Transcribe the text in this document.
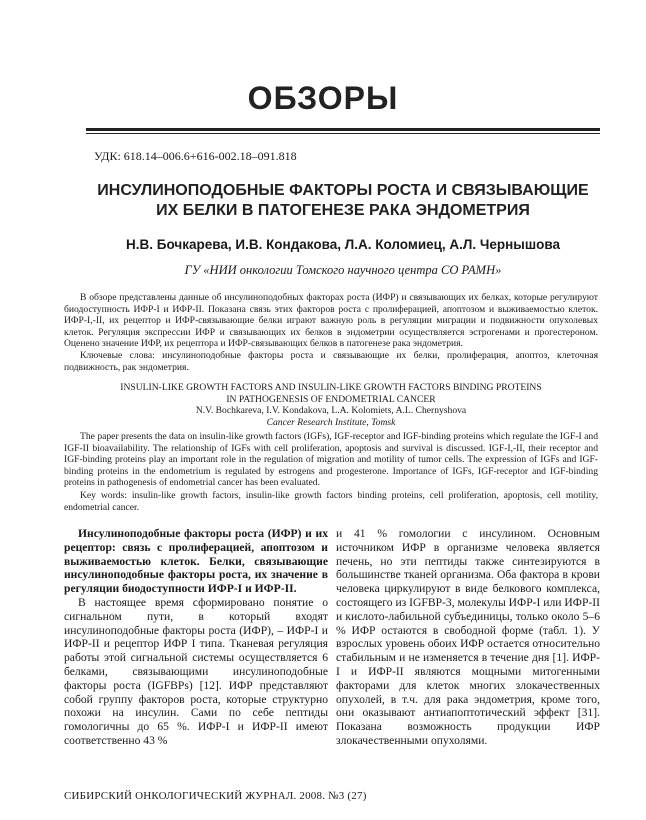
ОБЗОРЫ
УДК: 618.14–006.6+616-002.18–091.818
ИНСУЛИНОПОДОБНЫЕ ФАКТОРЫ РОСТА И СВЯЗЫВАЮЩИЕ
ИХ БЕЛКИ В ПАТОГЕНЕЗЕ РАКА ЭНДОМЕТРИЯ
Н.В. Бочкарева, И.В. Кондакова, Л.А. Коломиец, А.Л. Чернышова
ГУ «НИИ онкологии Томского научного центра СО РАМН»

В обзоре представлены данные об инсулиноподобных факторах роста (ИФР) и связывающих их белках, которые регулируют биодоступность ИФР-I и ИФР-II. Показана связь этих факторов роста с пролиферацией, апоптозом и выживаемостью клеток. ИФР-I,-II, их рецептор и ИФР-связывающие белки играют важную роль в регуляции миграции и подвижности опухолевых клеток. Регуляция экспрессии ИФР и связывающих их белков в эндометрии осуществляется эстрогенами и прогестероном. Оценено значение ИФР, их рецептора и ИФР-связывающих белков в патогенезе рака эндометрия.

Ключевые слова: инсулиноподобные факторы роста и связывающие их белки, пролиферация, апоптоз, клеточная подвижность, рак эндометрия.

INSULIN-LIKE GROWTH FACTORS AND INSULIN-LIKE GROWTH FACTORS BINDING PROTEINS
IN PATHOGENESIS OF ENDOMETRIAL CANCER
N.V. Bochkareva, I.V. Kondakova, L.A. Kolomiets, A.L. Chernyshova
Cancer Research Institute, Tomsk

The paper presents the data on insulin-like growth factors (IGFs), IGF-receptor and IGF-binding proteins which regulate the IGF-I and IGF-II bioavailability. The relationship of IGFs with cell proliferation, apoptosis and survival is discussed. IGF-I,-II, their receptor and IGF-binding proteins play an important role in the regulation of migration and motility of tumor cells. The expression of IGFs and IGF-binding proteins in the endometrium is regulated by estrogens and progesterone. Importance of IGFs, IGF-receptor and IGF-binding proteins in pathogenesis of endometrial cancer has been evaluated.

Key words: insulin-like growth factors, insulin-like growth factors binding proteins, cell proliferation, apoptosis, cell motility, endometrial cancer.

Инсулиноподобные факторы роста (ИФР) и их рецептор: связь с пролиферацией, апоптозом и выживаемостью клеток. Белки, связывающие инсулиноподобные факторы роста, их значение в регуляции биодоступности ИФР-I и ИФР-II.

В настоящее время сформировано понятие о сигнальном пути, в который входят инсулиноподобные факторы роста (ИФР), – ИФР-I и ИФР-II и рецептор ИФР I типа. Тканевая регуляция работы этой сигнальной системы осуществляется 6 белками, связывающими инсулиноподобные факторы роста (IGFBPs) [12]. ИФР представляют собой группу факторов роста, которые структурно похожи на инсулин. Сами по себе пептиды гомологичны до 65 %. ИФР-I и ИФР-II имеют соответственно 43 %

и 41 % гомологии с инсулином. Основным источником ИФР в организме человека является печень, но эти пептиды также синтезируются в большинстве тканей организма. Оба фактора в крови человека циркулируют в виде белкового комплекса, состоящего из IGFBP-3, молекулы ИФР-I или ИФР-II и кислото-лабильной субъединицы, только около 5–6 % ИФР остаются в свободной форме (табл. 1). У взрослых уровень обоих ИФР остается относительно стабильным и не изменяется в течение дня [1]. ИФР-I и ИФР-II являются мощными митогенными факторами для клеток многих злокачественных опухолей, в т.ч. для рака эндометрия, кроме того, они оказывают антиапоптотический эффект [31]. Показана возможность продукции ИФР злокачественными опухолями.

СИБИРСКИЙ ОНКОЛОГИЧЕСКИЙ ЖУРНАЛ. 2008. №3 (27)
